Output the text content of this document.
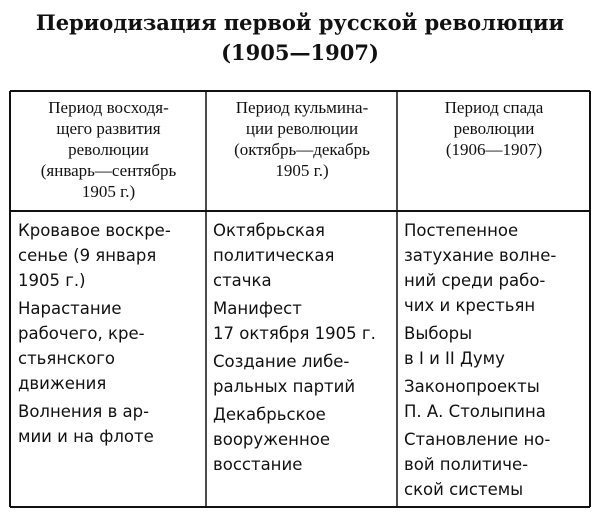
Периодизация первой русской революции
(1905—1907)
Период восходя-
щего развития
революции
(январь—сентябрь
1905 г.)
Период кульмина-
ции революции
(октябрь—декабрь
1905 г.)
Период спада
революции
(1906—1907)
Кровавое воскре-
сенье (9 января
1905 г.)
Нарастание
рабочего, кре-
стьянского
движения
Волнения в ар-
мии и на флоте
Октябрьская
политическая
стачка
Манифест
17 октября 1905 г.
Создание либе-
ральных партий
Декабрьское
вооруженное
восстание
Постепенное
затухание волне-
ний среди рабо-
чих и крестьян
Выборы
в I и II Думу
Законопроекты
П. А. Столыпина
Становление но-
вой политиче-
ской системы
